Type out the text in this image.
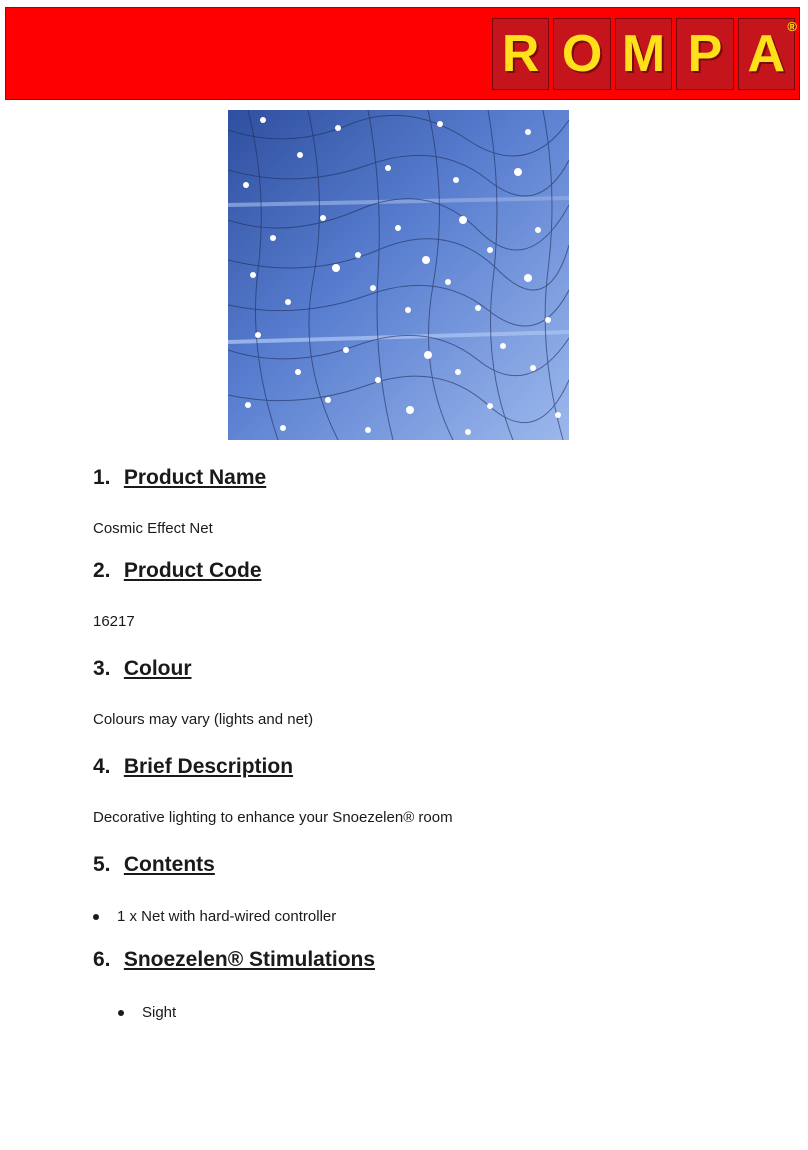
R O M P A ®
1. Product Name

Cosmic Effect Net

2. Product Code

16217

3. Colour

Colours may vary (lights and net)

4. Brief Description

Decorative lighting to enhance your Snoezelen® room

5. Contents
1 x Net with hard-wired controller
6. Snoezelen® Stimulations
Sight
